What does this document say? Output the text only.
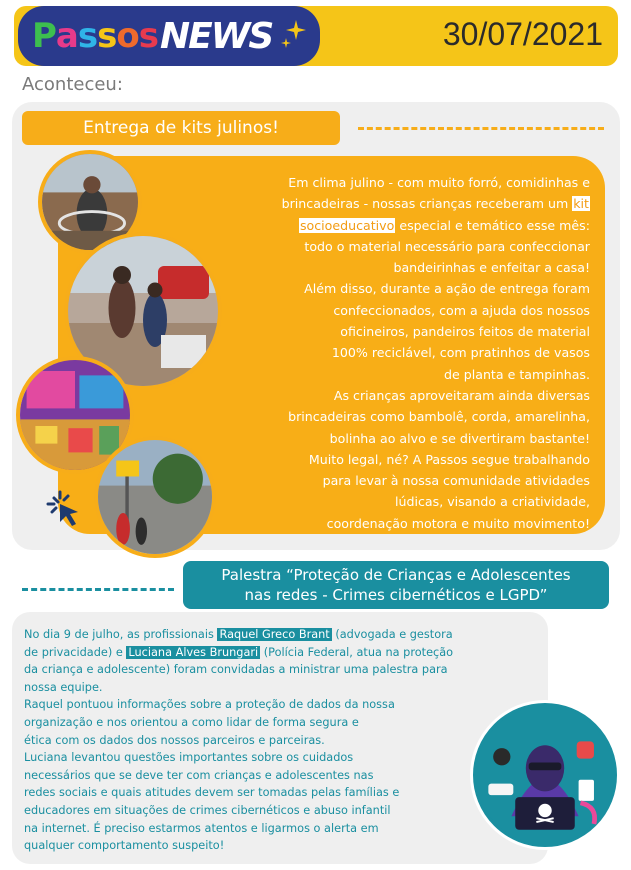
Passos NEWS	30/07/2021
Aconteceu:
Entrega de kits julinos!
Em clima julino - com muito forró, comidinhas e
brincadeiras - nossas crianças receberam um kit
socioeducativo especial e temático esse mês:
todo o material necessário para confeccionar
bandeirinhas e enfeitar a casa!
Além disso, durante a ação de entrega foram
confeccionados, com a ajuda dos nossos
oficineiros, pandeiros feitos de material
100% reciclável, com pratinhos de vasos
de planta e tampinhas.
As crianças aproveitaram ainda diversas
brincadeiras como bambolê, corda, amarelinha,
bolinha ao alvo e se divertiram bastante!
Muito legal, né? A Passos segue trabalhando
para levar à nossa comunidade atividades
lúdicas, visando a criatividade,
coordenação motora e muito movimento!
Palestra “Proteção de Crianças e Adolescentes
nas redes - Crimes cibernéticos e LGPD”
No dia 9 de julho, as profissionais Raquel Greco Brant (advogada e gestora
de privacidade) e Luciana Alves Brungari (Polícia Federal, atua na proteção
da criança e adolescente) foram convidadas a ministrar uma palestra para
nossa equipe.
Raquel pontuou informações sobre a proteção de dados da nossa
organização e nos orientou a como lidar de forma segura e
ética com os dados dos nossos parceiros e parceiras.
Luciana levantou questões importantes sobre os cuidados
necessários que se deve ter com crianças e adolescentes nas
redes sociais e quais atitudes devem ser tomadas pelas famílias e
educadores em situações de crimes cibernéticos e abuso infantil
na internet. É preciso estarmos atentos e ligarmos o alerta em
qualquer comportamento suspeito!
